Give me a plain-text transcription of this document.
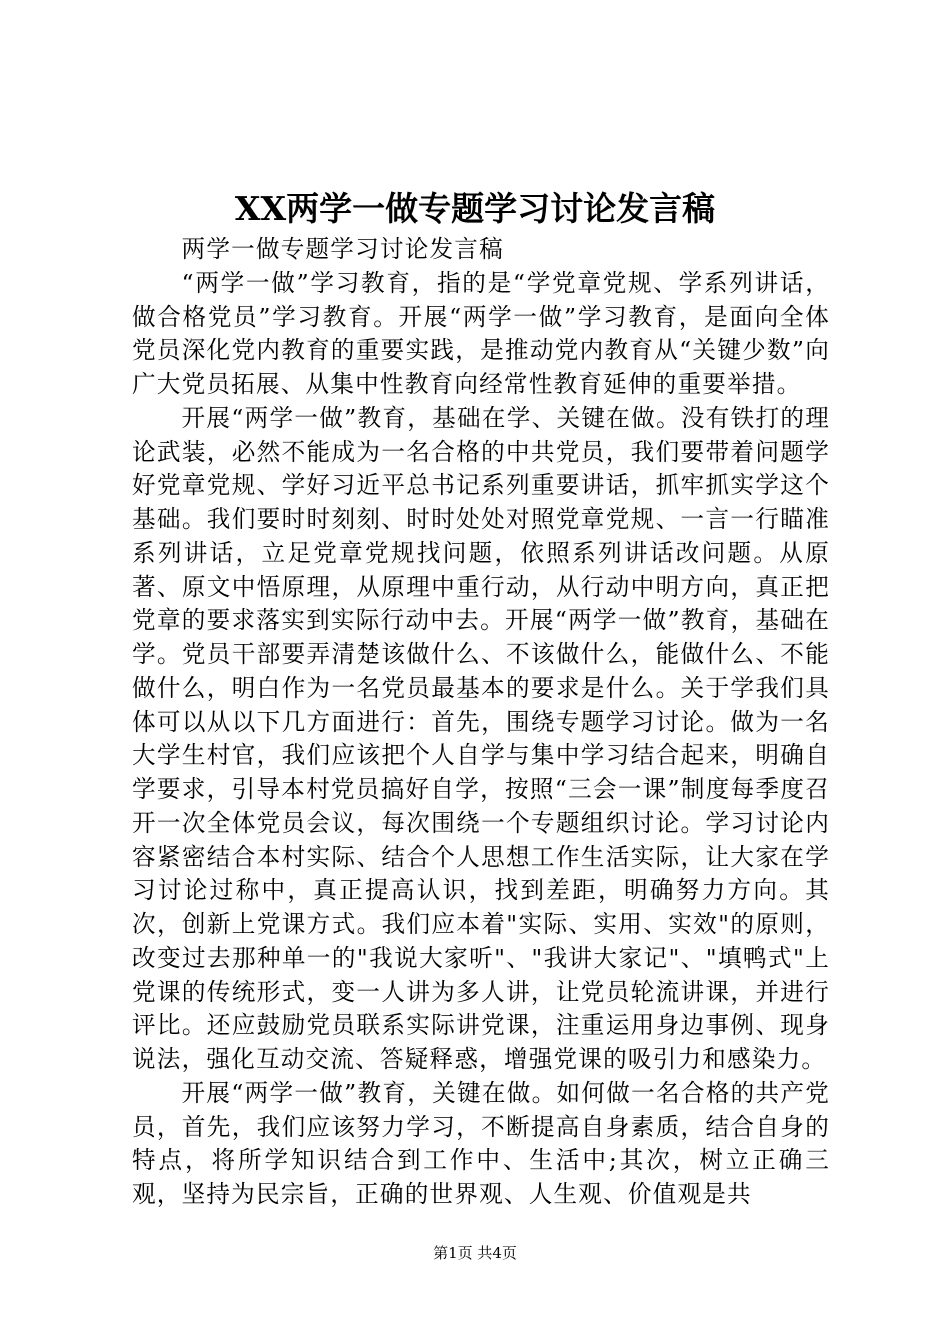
XX两学一做专题学习讨论发言稿

两学一做专题学习讨论发言稿

“两学一做”学习教育，指的是“学党章党规、学系列讲话，做合格党员”学习教育。开展“两学一做”学习教育，是面向全体党员深化党内教育的重要实践，是推动党内教育从“关键少数”向广大党员拓展、从集中性教育向经常性教育延伸的重要举措。

开展“两学一做”教育，基础在学、关键在做。没有铁打的理论武装，必然不能成为一名合格的中共党员，我们要带着问题学好党章党规、学好习近平总书记系列重要讲话，抓牢抓实学这个基础。我们要时时刻刻、时时处处对照党章党规、一言一行瞄准系列讲话，立足党章党规找问题，依照系列讲话改问题。从原著、原文中悟原理，从原理中重行动，从行动中明方向，真正把党章的要求落实到实际行动中去。开展“两学一做”教育，基础在学。党员干部要弄清楚该做什么、不该做什么，能做什么、不能做什么，明白作为一名党员最基本的要求是什么。关于学我们具体可以从以下几方面进行：首先，围绕专题学习讨论。做为一名大学生村官，我们应该把个人自学与集中学习结合起来，明确自学要求，引导本村党员搞好自学，按照“三会一课”制度每季度召开一次全体党员会议，每次围绕一个专题组织讨论。学习讨论内容紧密结合本村实际、结合个人思想工作生活实际，让大家在学习讨论过称中，真正提高认识，找到差距，明确努力方向。其次，创新上党课方式。我们应本着"实际、实用、实效"的原则，改变过去那种单一的"我说大家听"、"我讲大家记"、"填鸭式"上党课的传统形式，变一人讲为多人讲，让党员轮流讲课，并进行评比。还应鼓励党员联系实际讲党课，注重运用身边事例、现身说法，强化互动交流、答疑释惑，增强党课的吸引力和感染力。

开展“两学一做”教育，关键在做。如何做一名合格的共产党员，首先，我们应该努力学习，不断提高自身素质，结合自身的特点，将所学知识结合到工作中、生活中;其次，树立正确三观，坚持为民宗旨，正确的世界观、人生观、价值观是共

第1页 共4页
